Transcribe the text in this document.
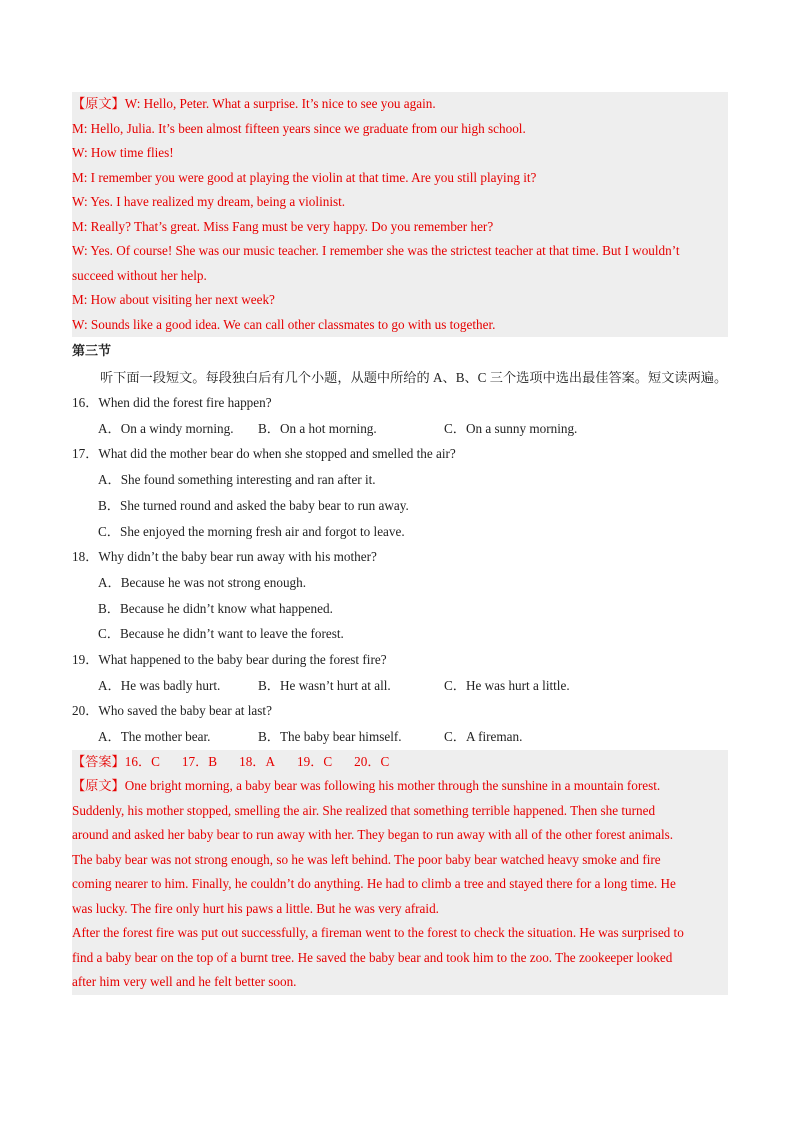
【原文】W: Hello, Peter. What a surprise. It’s nice to see you again.
M: Hello, Julia. It’s been almost fifteen years since we graduate from our high school.
W: How time flies!
M: I remember you were good at playing the violin at that time. Are you still playing it?
W: Yes. I have realized my dream, being a violinist.
M: Really? That’s great. Miss Fang must be very happy. Do you remember her?
W: Yes. Of course! She was our music teacher. I remember she was the strictest teacher at that time. But I wouldn’t
succeed without her help.
M: How about visiting her next week?
W: Sounds like a good idea. We can call other classmates to go with us together.
第三节
听下面一段短文。每段独白后有几个小题，从题中所给的 A、B、C 三个选项中选出最佳答案。短文读两遍。
16．When did the forest fire happen?
A．On a windy morning.	B．On a hot morning.	C．On a sunny morning.
17．What did the mother bear do when she stopped and smelled the air?
A．She found something interesting and ran after it.
B．She turned round and asked the baby bear to run away.
C．She enjoyed the morning fresh air and forgot to leave.
18．Why didn’t the baby bear run away with his mother?
A．Because he was not strong enough.
B．Because he didn’t know what happened.
C．Because he didn’t want to leave the forest.
19．What happened to the baby bear during the forest fire?
A．He was badly hurt.	B．He wasn’t hurt at all.	C．He was hurt a little.
20．Who saved the baby bear at last?
A．The mother bear.	B．The baby bear himself.	C．A fireman.
【答案】16．C 17．B 18．A 19．C 20．C
【原文】One bright morning, a baby bear was following his mother through the sunshine in a mountain forest.
Suddenly, his mother stopped, smelling the air. She realized that something terrible happened. Then she turned
around and asked her baby bear to run away with her. They began to run away with all of the other forest animals.
The baby bear was not strong enough, so he was left behind. The poor baby bear watched heavy smoke and fire
coming nearer to him. Finally, he couldn’t do anything. He had to climb a tree and stayed there for a long time. He
was lucky. The fire only hurt his paws a little. But he was very afraid.
After the forest fire was put out successfully, a fireman went to the forest to check the situation. He was surprised to
find a baby bear on the top of a burnt tree. He saved the baby bear and took him to the zoo. The zookeeper looked
after him very well and he felt better soon.
